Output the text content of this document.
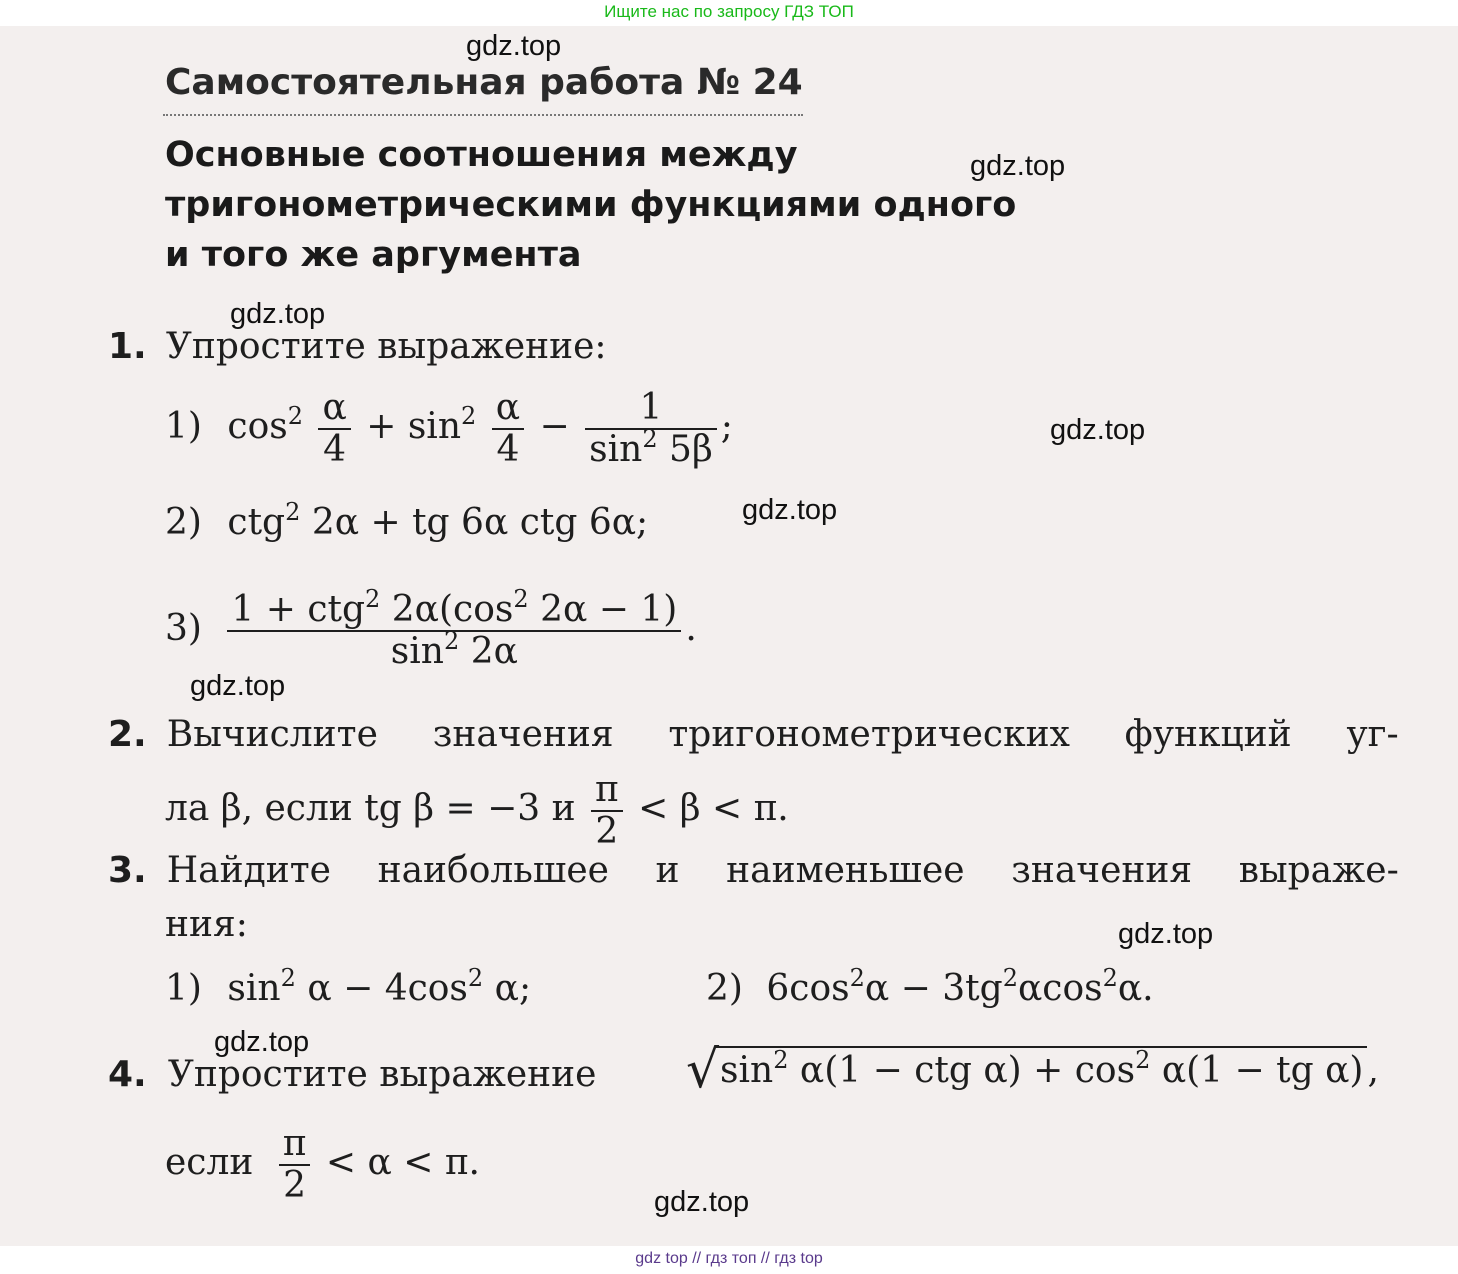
Ищите нас по запросу ГДЗ ТОП
Самостоятельная работа № 24
Основные соотношения между
тригонометрическими функциями одного
и того же аргумента
1. Упростите выражение:
1) $\cos^2 \frac{\alpha}{4} + \sin^2 \frac{\alpha}{4} - \frac{1}{\sin^2 5\beta}$ ;
2) ctg$^2$ 2α + tg 6α ctg 6α;
$3) \frac{1 + ctg^2 2\alpha(\cos^2 2\alpha - 1)}{\sin^2 2\alpha}$ .
2. Вычислите значения тригонометрических функций уг-
ла β, если tg β = −3 и $\frac{\pi}{2} < \beta < \pi$.
3. Найдите наибольшее и наименьшее значения выраже-
ния:
1) $\sin^2 \alpha - 4\cos^2$ α;	2) $6\cos^2\alpha - 3tg^2\alpha\cos^2\alpha$.
4. Упростите выражение √ $\sin^2 \alpha(1$ − ctg $\alpha) + \cos^2 \alpha(1$ − tg α) ,
если $\frac{\pi}{2} < \alpha < \pi$.
gdz.top
gdz.top
gdz.top
gdz.top
gdz.top
gdz.top
gdz.top
gdz.top
gdz.top
gdz top // гдз топ // гдз top
